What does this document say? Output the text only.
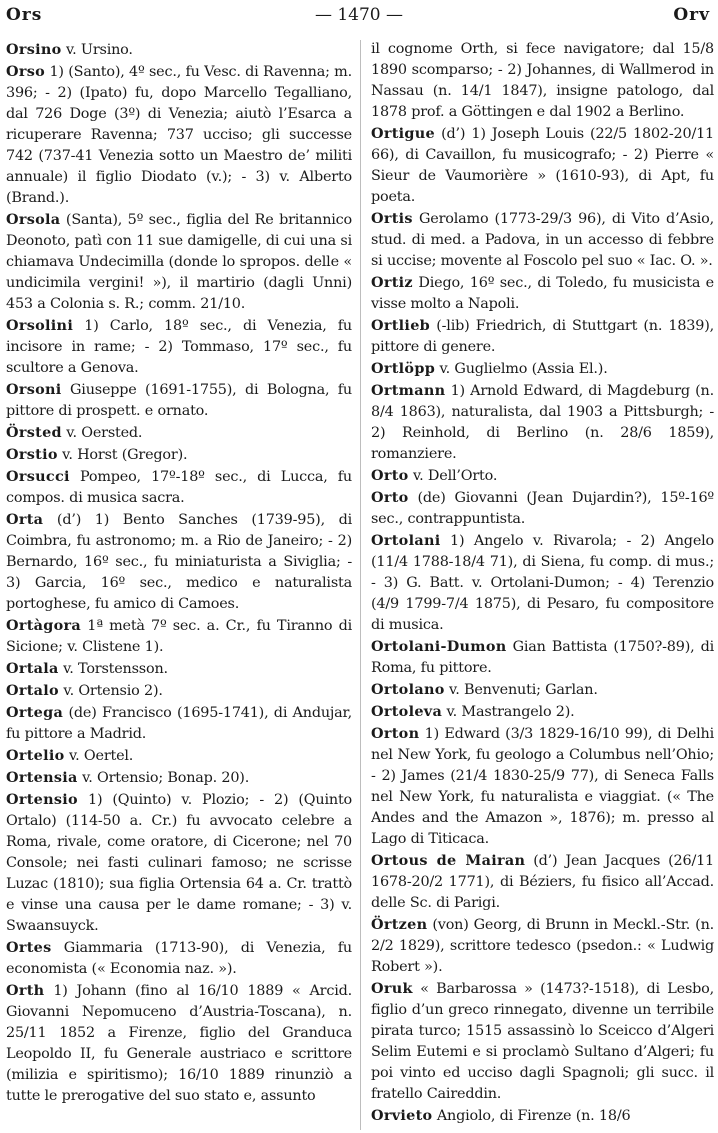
Ors	— 1470 —	Orv

Orsino v. Ursino.

Orso 1) (Santo), 4º sec., fu Vesc. di Ravenna; m. 396; - 2) (Ipato) fu, dopo Marcello Tegalliano, dal 726 Doge (3º) di Venezia; aiutò l’Esarca a ricuperare Ravenna; 737 ucciso; gli successe 742 (737-41 Venezia sotto un Maestro de’ militi annuale) il figlio Diodato (v.); - 3) v. Alberto (Brand.).

Orsola (Santa), 5º sec., figlia del Re britannico Deonoto, patì con 11 sue damigelle, di cui una si chiamava Undecimilla (donde lo spropos. delle « undicimila vergini! »), il martirio (dagli Unni) 453 a Colonia s. R.; comm. 21/10.

Orsolini 1) Carlo, 18º sec., di Venezia, fu incisore in rame; - 2) Tommaso, 17º sec., fu scultore a Genova.

Orsoni Giuseppe (1691-1755), di Bologna, fu pittore di prospett. e ornato.

Örsted v. Oersted.

Orstio v. Horst (Gregor).

Orsucci Pompeo, 17º-18º sec., di Lucca, fu compos. di musica sacra.

Orta (d’) 1) Bento Sanches (1739-95), di Coimbra, fu astronomo; m. a Rio de Janeiro; - 2) Bernardo, 16º sec., fu miniaturista a Siviglia; - 3) Garcia, 16º sec., medico e naturalista portoghese, fu amico di Camoes.

Ortàgora 1ª metà 7º sec. a. Cr., fu Tiranno di Sicione; v. Clistene 1).

Ortala v. Torstensson.

Ortalo v. Ortensio 2).

Ortega (de) Francisco (1695-1741), di Andujar, fu pittore a Madrid.

Ortelio v. Oertel.

Ortensia v. Ortensio; Bonap. 20).

Ortensio 1) (Quinto) v. Plozio; - 2) (Quinto Ortalo) (114-50 a. Cr.) fu avvocato celebre a Roma, rivale, come oratore, di Cicerone; nel 70 Console; nei fasti culinari famoso; ne scrisse Luzac (1810); sua figlia Ortensia 64 a. Cr. trattò e vinse una causa per le dame romane; - 3) v. Swaansuyck.

Ortes Giammaria (1713-90), di Venezia, fu economista (« Economia naz. »).

Orth 1) Johann (fino al 16/10 1889 « Arcid. Giovanni Nepomuceno d’Austria-Toscana), n. 25/11 1852 a Firenze, figlio del Granduca Leopoldo II, fu Generale austriaco e scrittore (milizia e spiritismo); 16/10 1889 rinunziò a tutte le prerogative del suo stato e, assunto

il cognome Orth, si fece navigatore; dal 15/8 1890 scomparso; - 2) Johannes, di Wallmerod in Nassau (n. 14/1 1847), insigne patologo, dal 1878 prof. a Göttingen e dal 1902 a Berlino.

Ortigue (d’) 1) Joseph Louis (22/5 1802-20/11 66), di Cavaillon, fu musicografo; - 2) Pierre « Sieur de Vaumorière » (1610-93), di Apt, fu poeta.

Ortis Gerolamo (1773-29/3 96), di Vito d’Asio, stud. di med. a Padova, in un accesso di febbre si uccise; movente al Foscolo pel suo « Iac. O. ».

Ortiz Diego, 16º sec., di Toledo, fu musicista e visse molto a Napoli.

Ortlieb (-lib) Friedrich, di Stuttgart (n. 1839), pittore di genere.

Ortlöpp v. Guglielmo (Assia El.).

Ortmann 1) Arnold Edward, di Magdeburg (n. 8/4 1863), naturalista, dal 1903 a Pittsburgh; - 2) Reinhold, di Berlino (n. 28/6 1859), romanziere.

Orto v. Dell’Orto.

Orto (de) Giovanni (Jean Dujardin?), 15º-16º sec., contrappuntista.

Ortolani 1) Angelo v. Rivarola; - 2) Angelo (11/4 1788-18/4 71), di Siena, fu comp. di mus.; - 3) G. Batt. v. Ortolani-Dumon; - 4) Terenzio (4/9 1799-7/4 1875), di Pesaro, fu compositore di musica.

Ortolani-Dumon Gian Battista (1750?-89), di Roma, fu pittore.

Ortolano v. Benvenuti; Garlan.

Ortoleva v. Mastrangelo 2).

Orton 1) Edward (3/3 1829-16/10 99), di Delhi nel New York, fu geologo a Columbus nell’Ohio; - 2) James (21/4 1830-25/9 77), di Seneca Falls nel New York, fu naturalista e viaggiat. (« The Andes and the Amazon », 1876); m. presso al Lago di Titicaca.

Ortous de Mairan (d’) Jean Jacques (26/11 1678-20/2 1771), di Béziers, fu fisico all’Accad. delle Sc. di Parigi.

Örtzen (von) Georg, di Brunn in Meckl.-Str. (n. 2/2 1829), scrittore tedesco (psedon.: « Ludwig Robert »).

Oruk « Barbarossa » (1473?-1518), di Lesbo, figlio d’un greco rinnegato, divenne un terribile pirata turco; 1515 assassinò lo Sceicco d’Algeri Selim Eutemi e si proclamò Sultano d’Algeri; fu poi vinto ed ucciso dagli Spagnoli; gli succ. il fratello Caireddin.

Orvieto Angiolo, di Firenze (n. 18/6
